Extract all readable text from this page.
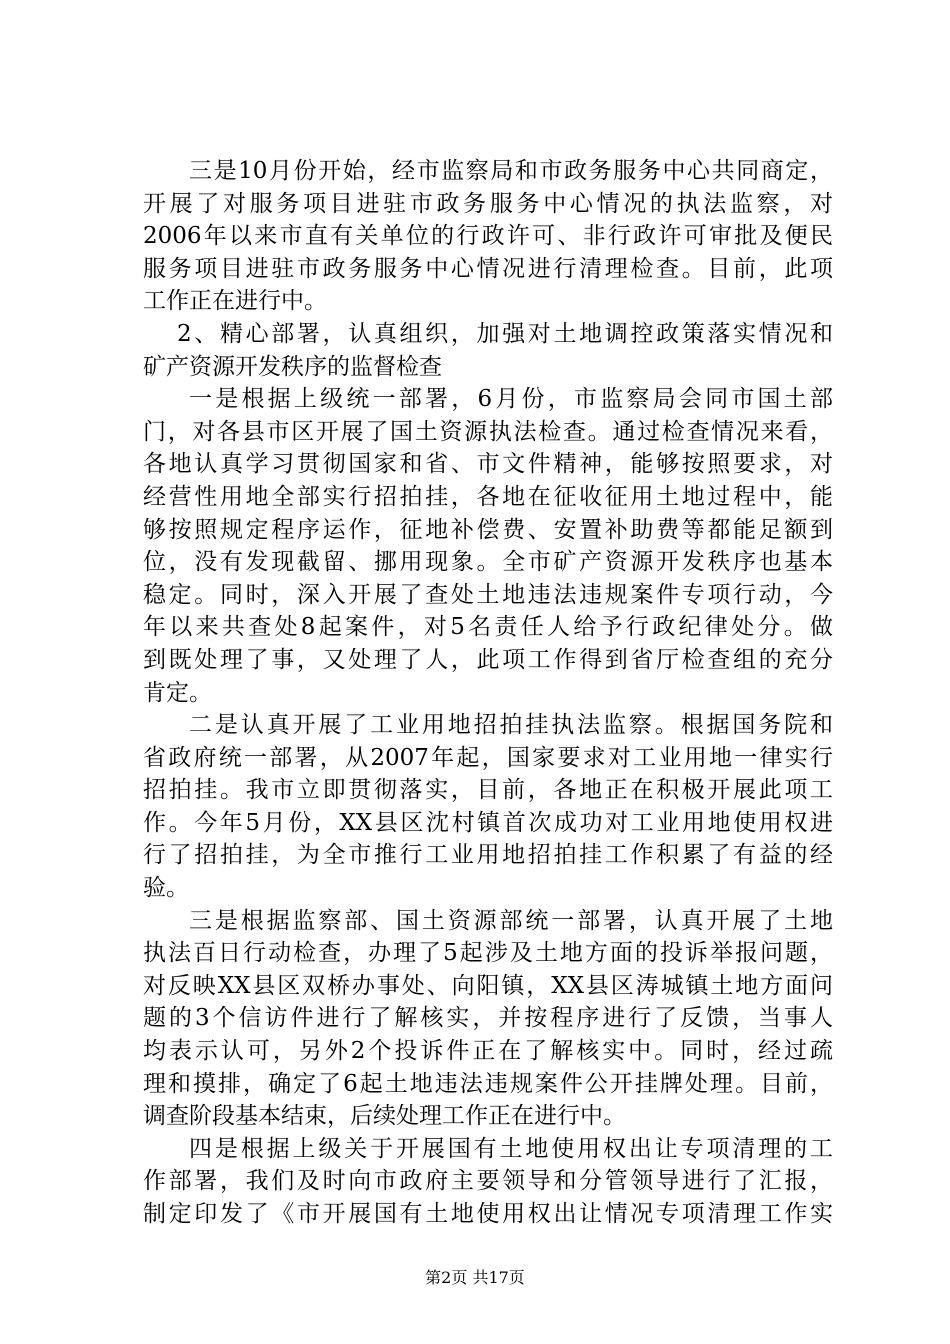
三是10月份开始，经市监察局和市政务服务中心共同商定，
开展了对服务项目进驻市政务服务中心情况的执法监察，对
2006年以来市直有关单位的行政许可、非行政许可审批及便民
服务项目进驻市政务服务中心情况进行清理检查。目前，此项
工作正在进行中。
2、精心部署，认真组织，加强对土地调控政策落实情况和
矿产资源开发秩序的监督检查
一是根据上级统一部署，6月份，市监察局会同市国土部
门，对各县市区开展了国土资源执法检查。通过检查情况来看，
各地认真学习贯彻国家和省、市文件精神，能够按照要求，对
经营性用地全部实行招拍挂，各地在征收征用土地过程中，能
够按照规定程序运作，征地补偿费、安置补助费等都能足额到
位，没有发现截留、挪用现象。全市矿产资源开发秩序也基本
稳定。同时，深入开展了查处土地违法违规案件专项行动，今
年以来共查处8起案件，对5名责任人给予行政纪律处分。做
到既处理了事，又处理了人，此项工作得到省厅检查组的充分
肯定。
二是认真开展了工业用地招拍挂执法监察。根据国务院和
省政府统一部署，从2007年起，国家要求对工业用地一律实行
招拍挂。我市立即贯彻落实，目前，各地正在积极开展此项工
作。今年5月份，XX县区沈村镇首次成功对工业用地使用权进
行了招拍挂，为全市推行工业用地招拍挂工作积累了有益的经
验。
三是根据监察部、国土资源部统一部署，认真开展了土地
执法百日行动检查，办理了5起涉及土地方面的投诉举报问题，
对反映XX县区双桥办事处、向阳镇，XX县区涛城镇土地方面问
题的3个信访件进行了解核实，并按程序进行了反馈，当事人
均表示认可，另外2个投诉件正在了解核实中。同时，经过疏
理和摸排，确定了6起土地违法违规案件公开挂牌处理。目前，
调查阶段基本结束，后续处理工作正在进行中。
四是根据上级关于开展国有土地使用权出让专项清理的工
作部署，我们及时向市政府主要领导和分管领导进行了汇报，
制定印发了《市开展国有土地使用权出让情况专项清理工作实
第2页 共17页
